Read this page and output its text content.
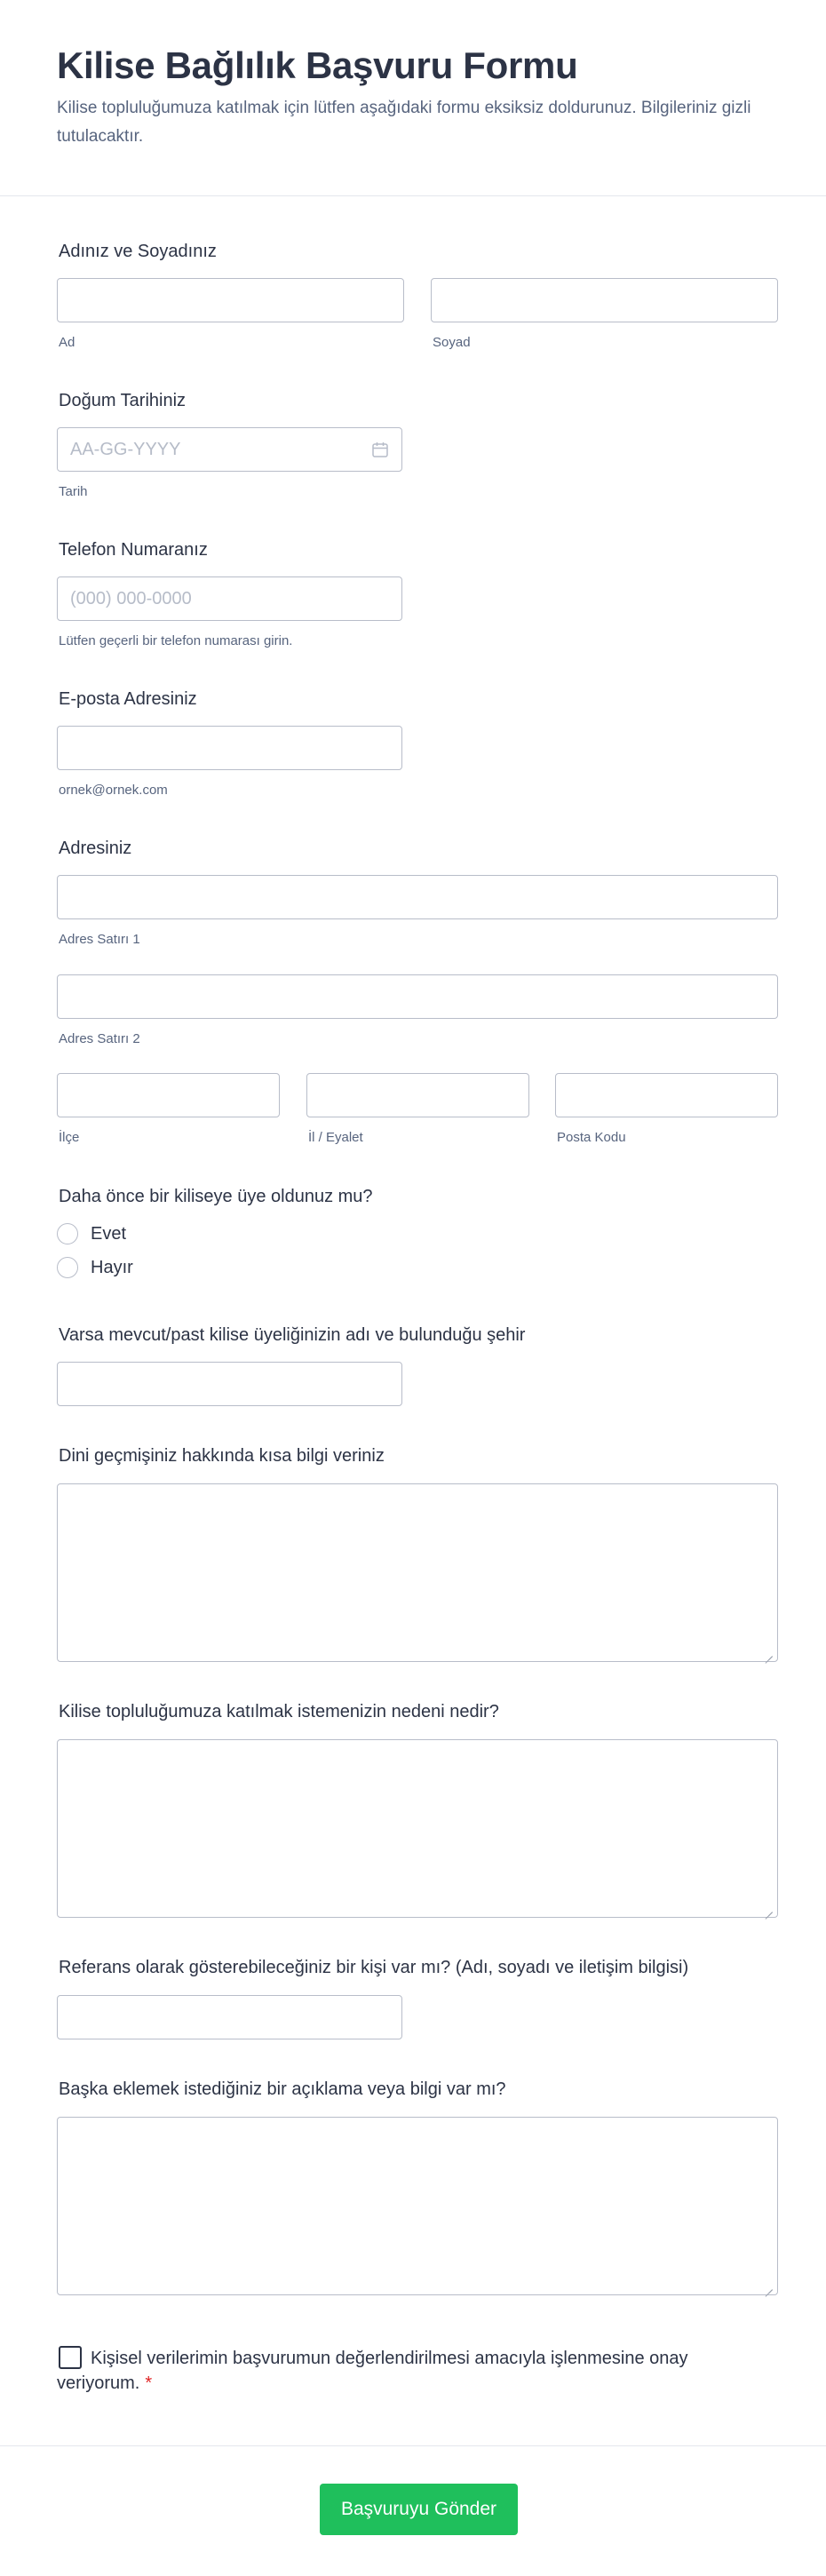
Kilise Bağlılık Başvuru Formu

Kilise topluluğumuza katılmak için lütfen aşağıdaki formu eksiksiz doldurunuz. Bilgileriniz gizli tutulacaktır.

Adınız ve Soyadınız
Ad	Soyad
Doğum Tarihiniz
AA-GG-YYYY
Tarih
Telefon Numaranız
(000) 000-0000
Lütfen geçerli bir telefon numarası girin.
E-posta Adresiniz
ornek@ornek.com
Adresiniz
Adres Satırı 1
Adres Satırı 2
İlçe	İl / Eyalet	Posta Kodu
Daha önce bir kiliseye üye oldunuz mu?
Evet
Hayır
Varsa mevcut/past kilise üyeliğinizin adı ve bulunduğu şehir
Dini geçmişiniz hakkında kısa bilgi veriniz
Kilise topluluğumuza katılmak istemenizin nedeni nedir?
Referans olarak gösterebileceğiniz bir kişi var mı? (Adı, soyadı ve iletişim bilgisi)
Başka eklemek istediğiniz bir açıklama veya bilgi var mı?
Kişisel verilerimin başvurumun değerlendirilmesi amacıyla işlenmesine onay veriyorum. *
Başvuruyu Gönder
